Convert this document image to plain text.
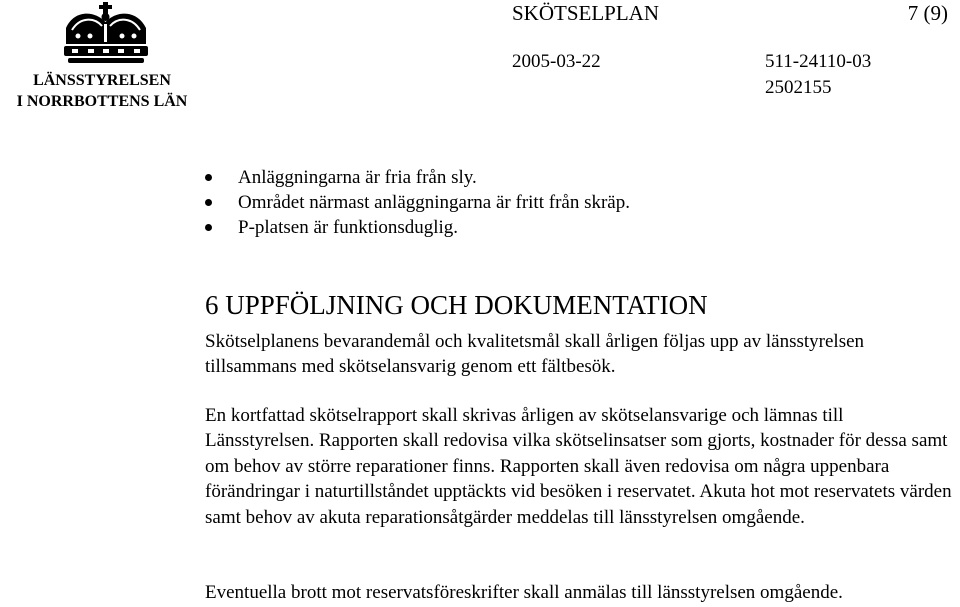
LÄNSSTYRELSEN
I NORRBOTTENS LÄN
SKÖTSELPLAN	7 (9)
2005-03-22	511-24110-03
2502155
Anläggningarna är fria från sly.
Området närmast anläggningarna är fritt från skräp.
P-platsen är funktionsduglig.
6 UPPFÖLJNING OCH DOKUMENTATION

Skötselplanens bevarandemål och kvalitetsmål skall årligen följas upp av länsstyrelsen tillsammans med skötselansvarig genom ett fältbesök.

En kortfattad skötselrapport skall skrivas årligen av skötselansvarige och lämnas till Länsstyrelsen. Rapporten skall redovisa vilka skötselinsatser som gjorts, kostnader för dessa samt om behov av större reparationer finns. Rapporten skall även redovisa om några uppenbara förändringar i naturtillståndet upptäckts vid besöken i reservatet. Akuta hot mot reservatets värden samt behov av akuta reparationsåtgärder meddelas till länsstyrelsen omgående.

Eventuella brott mot reservatsföreskrifter skall anmälas till länsstyrelsen omgående.
